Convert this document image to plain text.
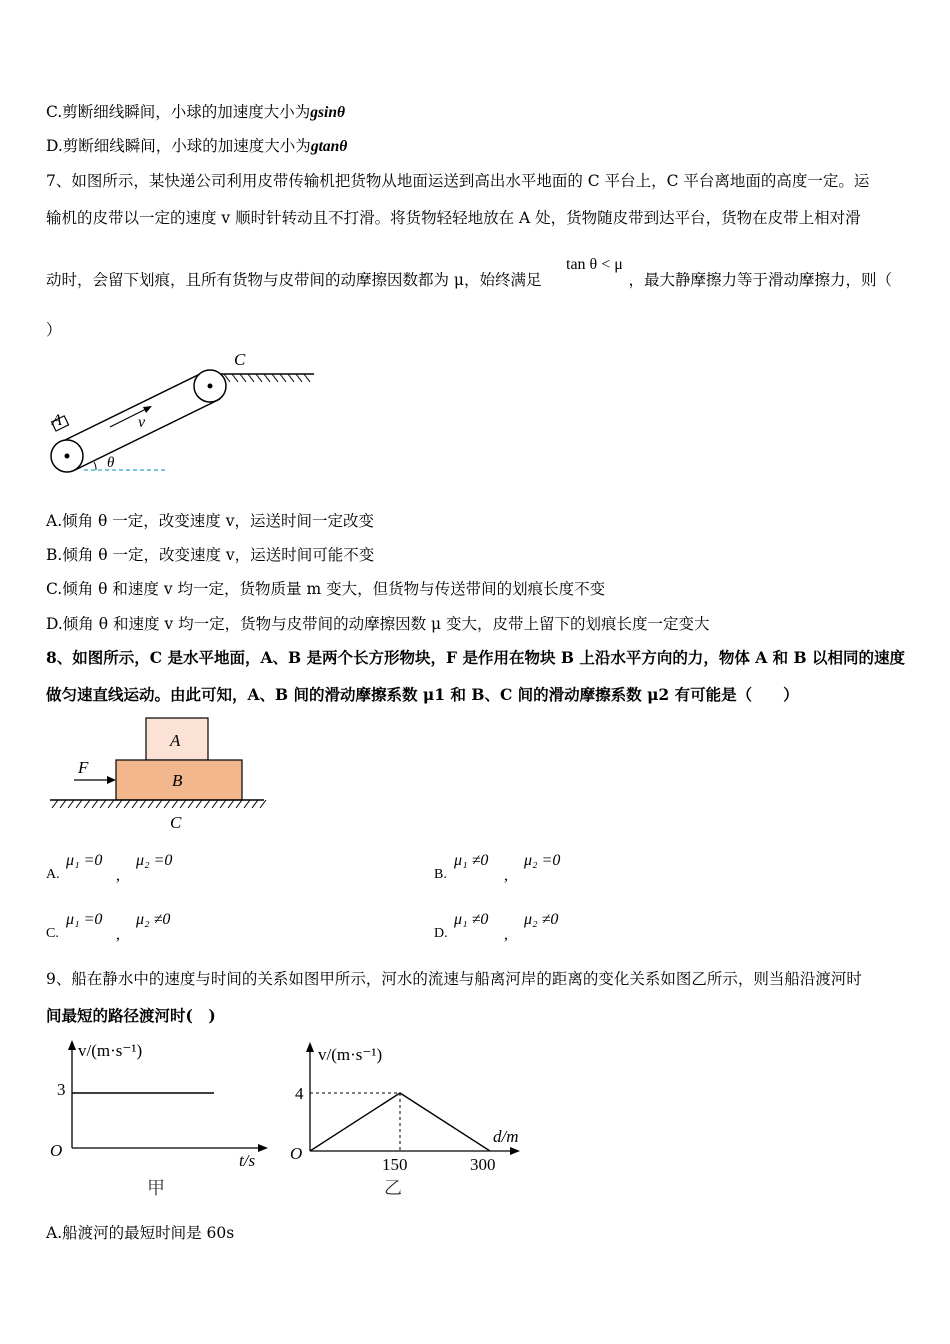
C.剪断细线瞬间，小球的加速度大小为gsinθ
D.剪断细线瞬间，小球的加速度大小为gtanθ
7、如图所示，某快递公司利用皮带传输机把货物从地面运送到高出水平地面的 C 平台上，C 平台离地面的高度一定。运
输机的皮带以一定的速度 v 顺时针转动且不打滑。将货物轻轻地放在 A 处，货物随皮带到达平台，货物在皮带上相对滑
动时，会留下划痕，且所有货物与皮带间的动摩擦因数都为 μ，始终满足	，最大静摩擦力等于滑动摩擦力，则（
tan θ < μ
）
C
A	v
θ
A.倾角 θ 一定，改变速度 v，运送时间一定改变
B.倾角 θ 一定，改变速度 v，运送时间可能不变
C.倾角 θ 和速度 v 均一定，货物质量 m 变大，但货物与传送带间的划痕长度不变
D.倾角 θ 和速度 v 均一定，货物与皮带间的动摩擦因数 μ 变大，皮带上留下的划痕长度一定变大
8、如图所示，C 是水平地面，A、B 是两个长方形物块，F 是作用在物块 B 上沿水平方向的力，物体 A 和 B 以相同的速度
做匀速直线运动。由此可知，A、B 间的滑动摩擦系数 μ1 和 B、C 间的滑动摩擦系数 μ2 有可能是（　　）
A
B
C
F
A.
μ₁ =0
,
μ₂ =0
B.
μ₁ ≠0
,
μ₂ =0
C.
μ₁ =0
,
μ₂ ≠0
D.
μ₁ ≠0
,
μ₂ ≠0
9、船在静水中的速度与时间的关系如图甲所示，河水的流速与船离河岸的距离的变化关系如图乙所示，则当船沿渡河时
间最短的路径渡河时(　)
v/(m·s⁻¹)
t/s
O
3
甲
v/(m·s⁻¹)
d/m
O
4
150	300
乙
A.船渡河的最短时间是 60s
